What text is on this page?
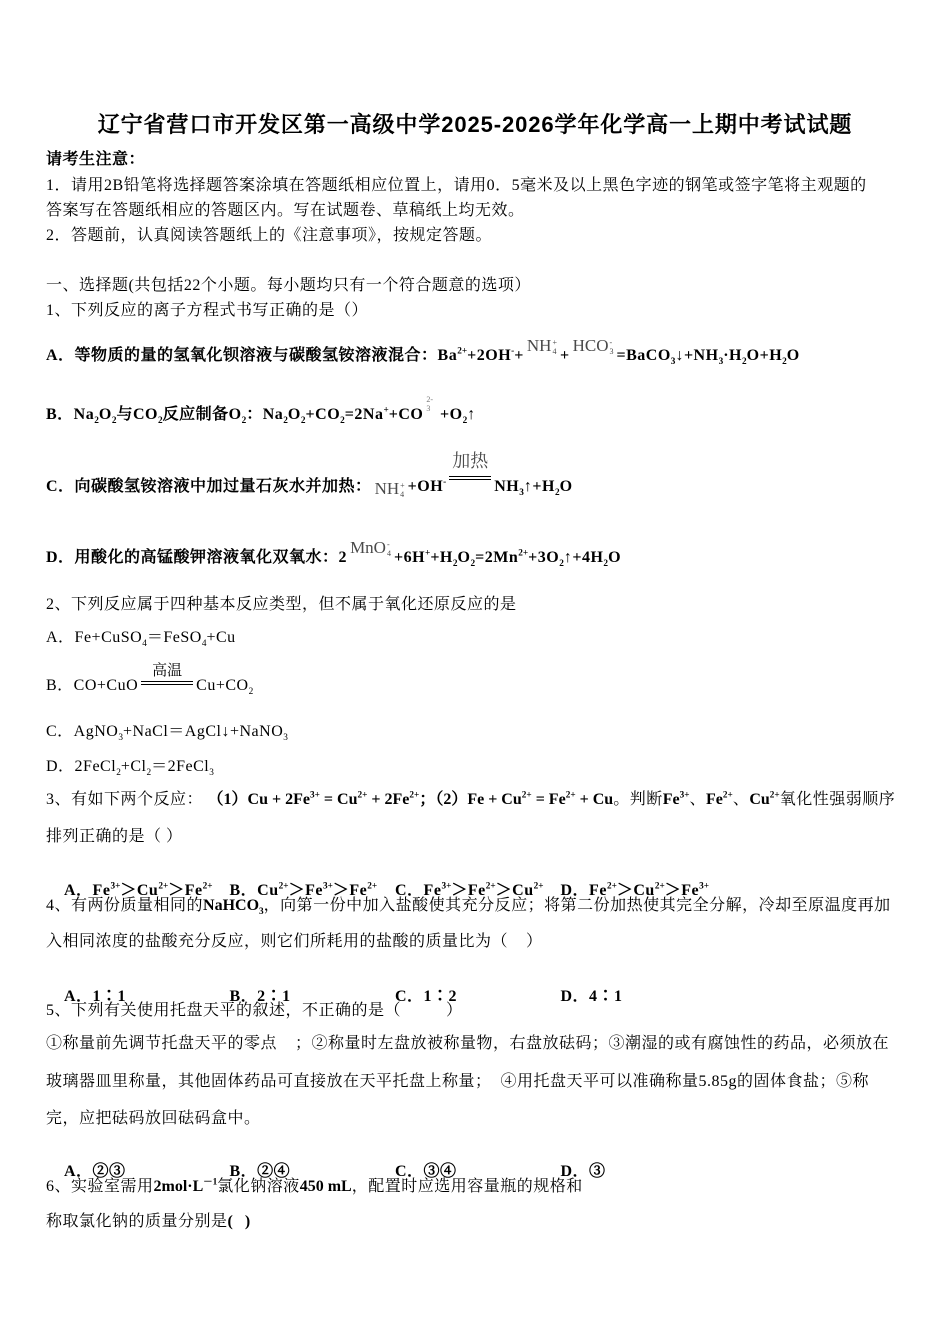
辽宁省营口市开发区第一高级中学2025-2026学年化学高一上期中考试试题
请考生注意：
1．请用2B铅笔将选择题答案涂填在答题纸相应位置上，请用0．5毫米及以上黑色字迹的钢笔或签字笔将主观题的
答案写在答题纸相应的答题区内。写在试题卷、草稿纸上均无效。
2．答题前，认真阅读答题纸上的《注意事项》，按规定答题。
一、选择题(共包括22个小题。每小题均只有一个符合题意的选项）
1、下列反应的离子方程式书写正确的是（）
A．等物质的量的氢氧化钡溶液与碳酸氢铵溶液混合：$Ba^{2+}+2OH^-+NH$ +
4 +HCO -
$3 =BaCO_3↓+NH_3\cdot H_2O+H_2O$
B．$Na_2O_2$与$CO_2$反应制备$O_2$：$Na_2O_2+CO_2=2Na^++CO$
2-
$3 +O_2↑$
C．向碳酸氢铵溶液中加过量石灰水并加热： NH +
4 +OH-
加热
$NH_3↑+H_2O$
D．用酸化的高锰酸钾溶液氧化双氧水：2MnO -
$4 +6H^++H_2O_2=2Mn^{2+}+3O_2↑+4H_2O$
2、下列反应属于四种基本反应类型，但不属于氧化还原反应的是
A．Fe+CuSO$_4$＝FeSO$_4$+Cu
B．CO+CuO
高温
$Cu+CO_2$
C．AgNO$_3$+NaCl＝AgCl↓+NaNO$_3$
D．$2FeCl_2+Cl_2=2FeCl_3$
3、有如下两个反应： $(1)Cu + 2Fe^{3+} = Cu^{2+} + 2Fe^{2+}$；$(2)Fe + Cu^{2+} = Fe^{2+} + Cu$。判断$Fe^{3+}$、$Fe^{2+}$、$Cu^{2+}$氧化性强弱顺序
排列正确的是（ ）

A．$Fe^{3+}>Cu^{2+}>Fe^{2+}$ B．$Cu^{2+}>Fe^{3+}>Fe^{2+}$ C．$Fe^{3+}>Fe^{2+}>Cu^{2+}$ D．$Fe^{2+}>Cu^{2+}>Fe^{3+}$

4、有两份质量相同的NaHCO$_3$，向第一份中加入盐酸使其充分反应；将第二份加热使其完全分解，冷却至原温度再加
入相同浓度的盐酸充分反应，则它们所耗用的盐酸的质量比为（    ）

A．1∶1	B．2∶1	C．1∶2	D．4∶1

5、下列有关使用托盘天平的叙述，不正确的是（          ）
①称量前先调节托盘天平的零点    ；②称量时左盘放被称量物，右盘放砝码；③潮湿的或有腐蚀性的药品，必须放在
玻璃器皿里称量，其他固体药品可直接放在天平托盘上称量；  ④用托盘天平可以准确称量5.85g的固体食盐；⑤称
完，应把砝码放回砝码盒中。

A．②③	B．②④	C．③④	D．③

6、实验室需用$2mol\cdot L^{-1}$氯化钠溶液450 mL，配置时应选用容量瓶的规格和
称取氯化钠的质量分别是(   )
